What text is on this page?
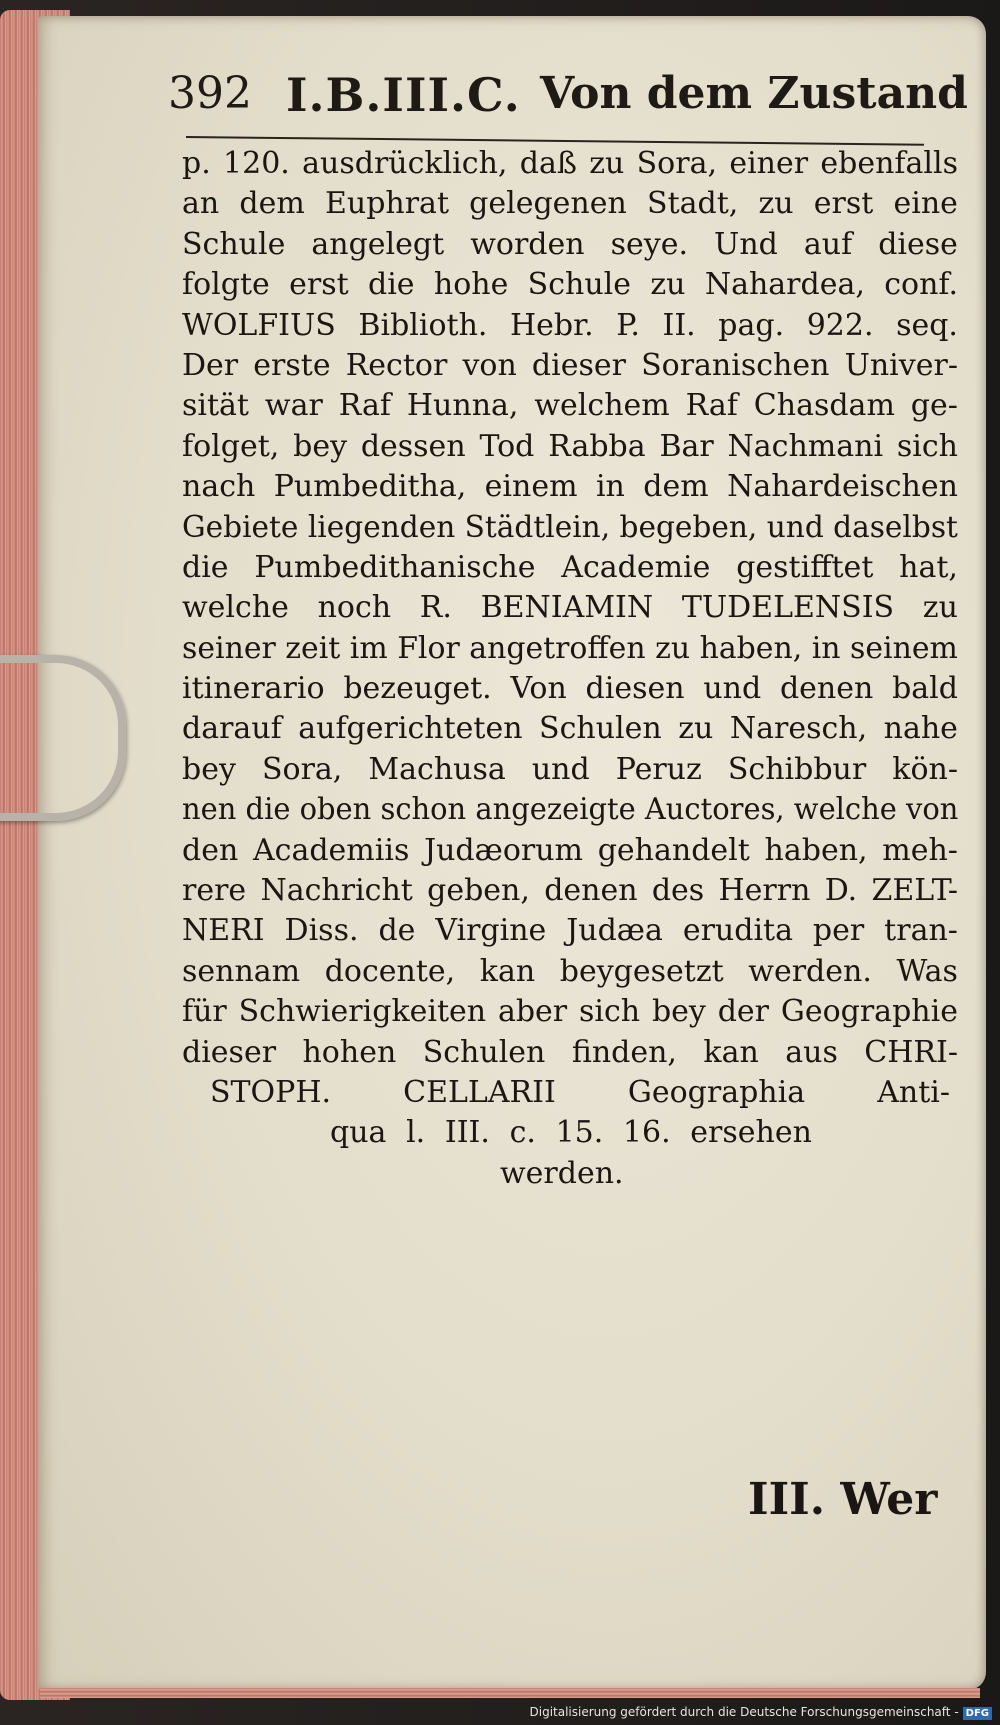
392 I.B.III.C. Von dem Zustand
p. 120. ausdrücklich, daß zu Sora, einer ebenfalls
an dem Euphrat gelegenen Stadt, zu erst eine
Schule angelegt worden seye. Und auf diese
folgte erst die hohe Schule zu Nahardea, conf.
WOLFIUS Biblioth. Hebr. P. II. pag. 922. seq.
Der erste Rector von dieser Soranischen Univer-
sität war Raf Hunna, welchem Raf Chasdam ge-
folget, bey dessen Tod Rabba Bar Nachmani sich
nach Pumbeditha, einem in dem Nahardeischen
Gebiete liegenden Städtlein, begeben, und daselbst
die Pumbedithanische Academie gestifftet hat,
welche noch R. BENIAMIN TUDELENSIS zu
seiner zeit im Flor angetroffen zu haben, in seinem
itinerario bezeuget. Von diesen und denen bald
darauf aufgerichteten Schulen zu Naresch, nahe
bey Sora, Machusa und Peruz Schibbur kön-
nen die oben schon angezeigte Auctores, welche von
den Academiis Judæorum gehandelt haben, meh-
rere Nachricht geben, denen des Herrn D. ZELT-
NERI Diss. de Virgine Judæa erudita per tran-
sennam docente, kan beygesetzt werden. Was
für Schwierigkeiten aber sich bey der Geographie
dieser hohen Schulen finden, kan aus CHRI-
STOPH. CELLARII Geographia Anti-
qua l. III. c. 15. 16. ersehen
werden.
III. Wer
Digitalisierung gefördert durch die Deutsche Forschungsgemeinschaft - DFG
